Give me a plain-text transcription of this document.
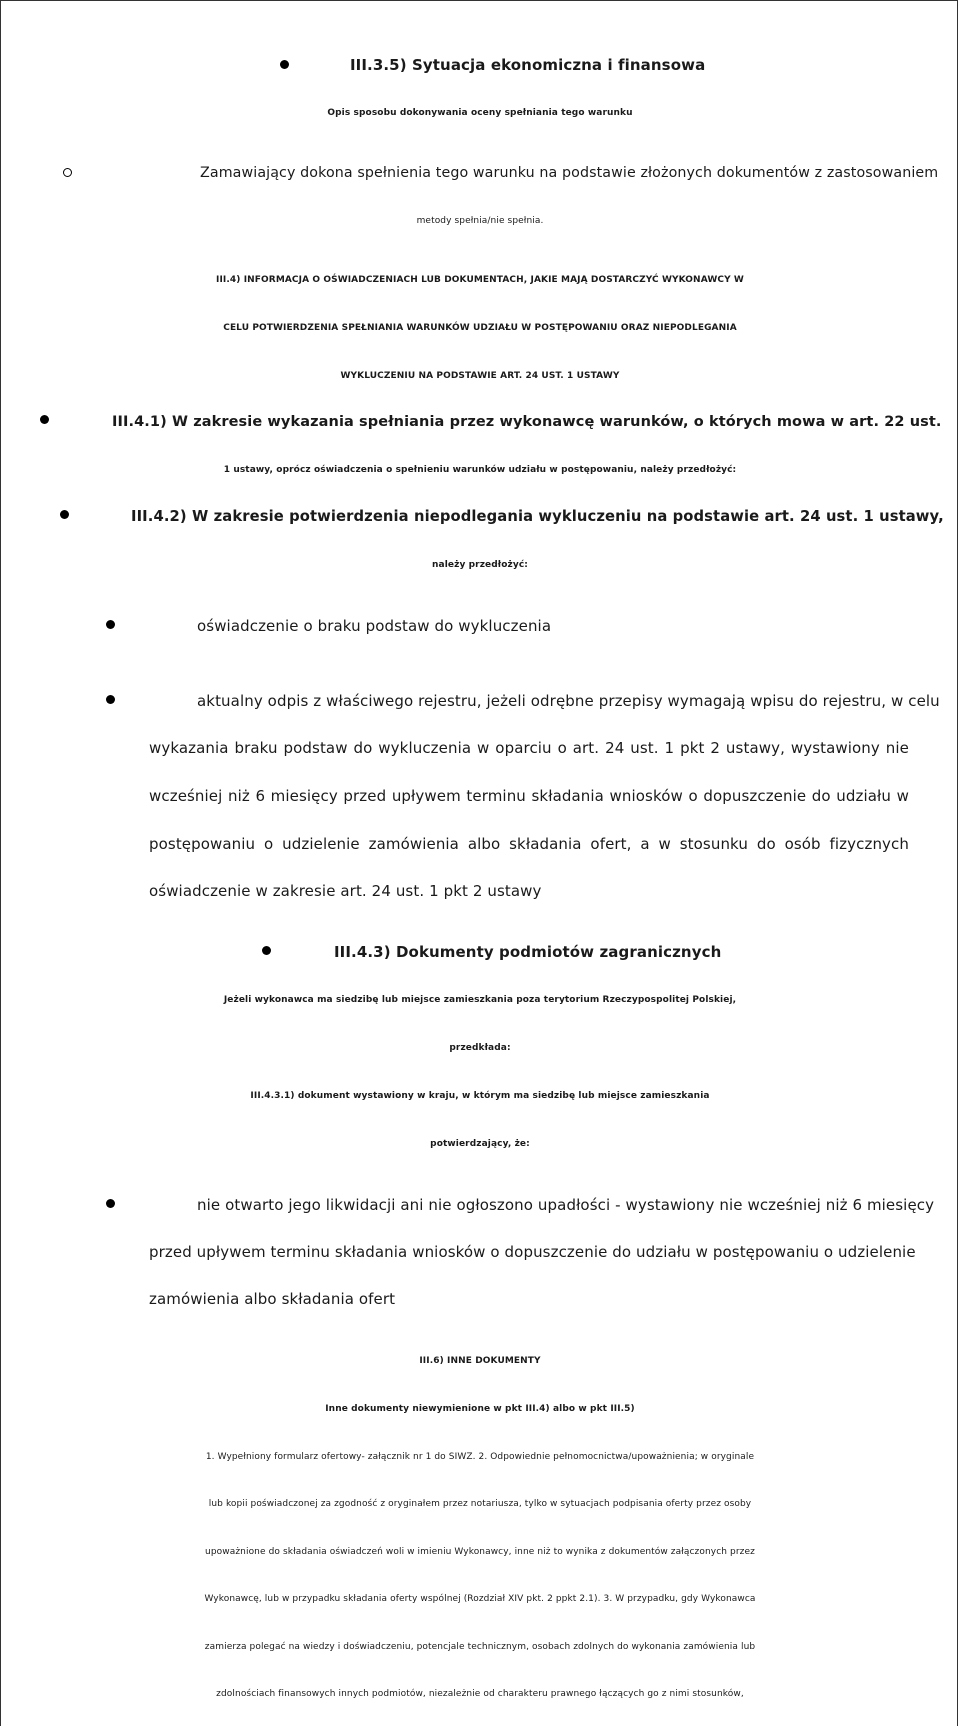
III.3.5) Sytuacja ekonomiczna i finansowa

Opis sposobu dokonywania oceny spełniania tego warunku

Zamawiający dokona spełnienia tego warunku na podstawie złożonych dokumentów z zastosowaniem

metody spełnia/nie spełnia.

III.4) INFORMACJA O OŚWIADCZENIACH LUB DOKUMENTACH, JAKIE MAJĄ DOSTARCZYĆ WYKONAWCY W

CELU POTWIERDZENIA SPEŁNIANIA WARUNKÓW UDZIAŁU W POSTĘPOWANIU ORAZ NIEPODLEGANIA

WYKLUCZENIU NA PODSTAWIE ART. 24 UST. 1 USTAWY

III.4.1) W zakresie wykazania spełniania przez wykonawcę warunków, o których mowa w art. 22 ust.

1 ustawy, oprócz oświadczenia o spełnieniu warunków udziału w postępowaniu, należy przedłożyć:

III.4.2) W zakresie potwierdzenia niepodlegania wykluczeniu na podstawie art. 24 ust. 1 ustawy,

należy przedłożyć:

oświadczenie o braku podstaw do wykluczenia

aktualny odpis z właściwego rejestru, jeżeli odrębne przepisy wymagają wpisu do rejestru, w celu

wykazania braku podstaw do wykluczenia w oparciu o art. 24 ust. 1 pkt 2 ustawy, wystawiony nie

wcześniej niż 6 miesięcy przed upływem terminu składania wniosków o dopuszczenie do udziału w

postępowaniu o udzielenie zamówienia albo składania ofert, a w stosunku do osób fizycznych

oświadczenie w zakresie art. 24 ust. 1 pkt 2 ustawy

III.4.3) Dokumenty podmiotów zagranicznych

Jeżeli wykonawca ma siedzibę lub miejsce zamieszkania poza terytorium Rzeczypospolitej Polskiej,

przedkłada:

III.4.3.1) dokument wystawiony w kraju, w którym ma siedzibę lub miejsce zamieszkania

potwierdzający, że:

nie otwarto jego likwidacji ani nie ogłoszono upadłości - wystawiony nie wcześniej niż 6 miesięcy

przed upływem terminu składania wniosków o dopuszczenie do udziału w postępowaniu o udzielenie

zamówienia albo składania ofert

III.6) INNE DOKUMENTY

Inne dokumenty niewymienione w pkt III.4) albo w pkt III.5)

1. Wypełniony formularz ofertowy- załącznik nr 1 do SIWZ. 2. Odpowiednie pełnomocnictwa/upoważnienia; w oryginale

lub kopii poświadczonej za zgodność z oryginałem przez notariusza, tylko w sytuacjach podpisania oferty przez osoby

upoważnione do składania oświadczeń woli w imieniu Wykonawcy, inne niż to wynika z dokumentów załączonych przez

Wykonawcę, lub w przypadku składania oferty wspólnej (Rozdział XIV pkt. 2 ppkt 2.1). 3. W przypadku, gdy Wykonawca

zamierza polegać na wiedzy i doświadczeniu, potencjale technicznym, osobach zdolnych do wykonania zamówienia lub

zdolnościach finansowych innych podmiotów, niezależnie od charakteru prawnego łączących go z nimi stosunków,
